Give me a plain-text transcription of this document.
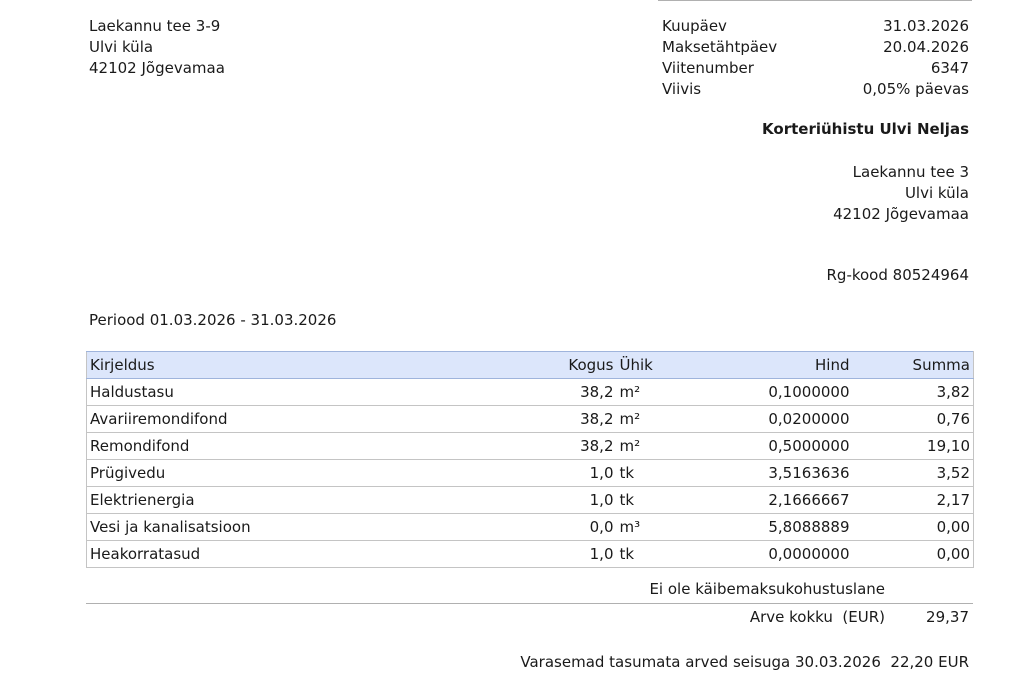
Laekannu tee 3-9
Ulvi küla
42102 Jõgevamaa
Kuupäev	31.03.2026
Maksetähtpäev	20.04.2026
Viitenumber	6347
Viivis	0,05% päevas
Korteriühistu Ulvi Neljas
Laekannu tee 3
Ulvi küla
42102 Jõgevamaa
Rg-kood 80524964
Periood 01.03.2026 - 31.03.2026
Kirjeldus	Kogus	Ühik	Hind	Summa
Haldustasu	38,2	m²	0,1000000	3,82
Avariiremondifond	38,2	m²	0,0200000	0,76
Remondifond	38,2	m²	0,5000000	19,10
Prügivedu	1,0	tk	3,5163636	3,52
Elektrienergia	1,0	tk	2,1666667	2,17
Vesi ja kanalisatsioon	0,0	m³	5,8088889	0,00
Heakorratasud	1,0	tk	0,0000000	0,00
Ei ole käibemaksukohustuslane
Arve kokku  (EUR)	29,37
Varasemad tasumata arved seisuga 30.03.2026  22,20 EUR
